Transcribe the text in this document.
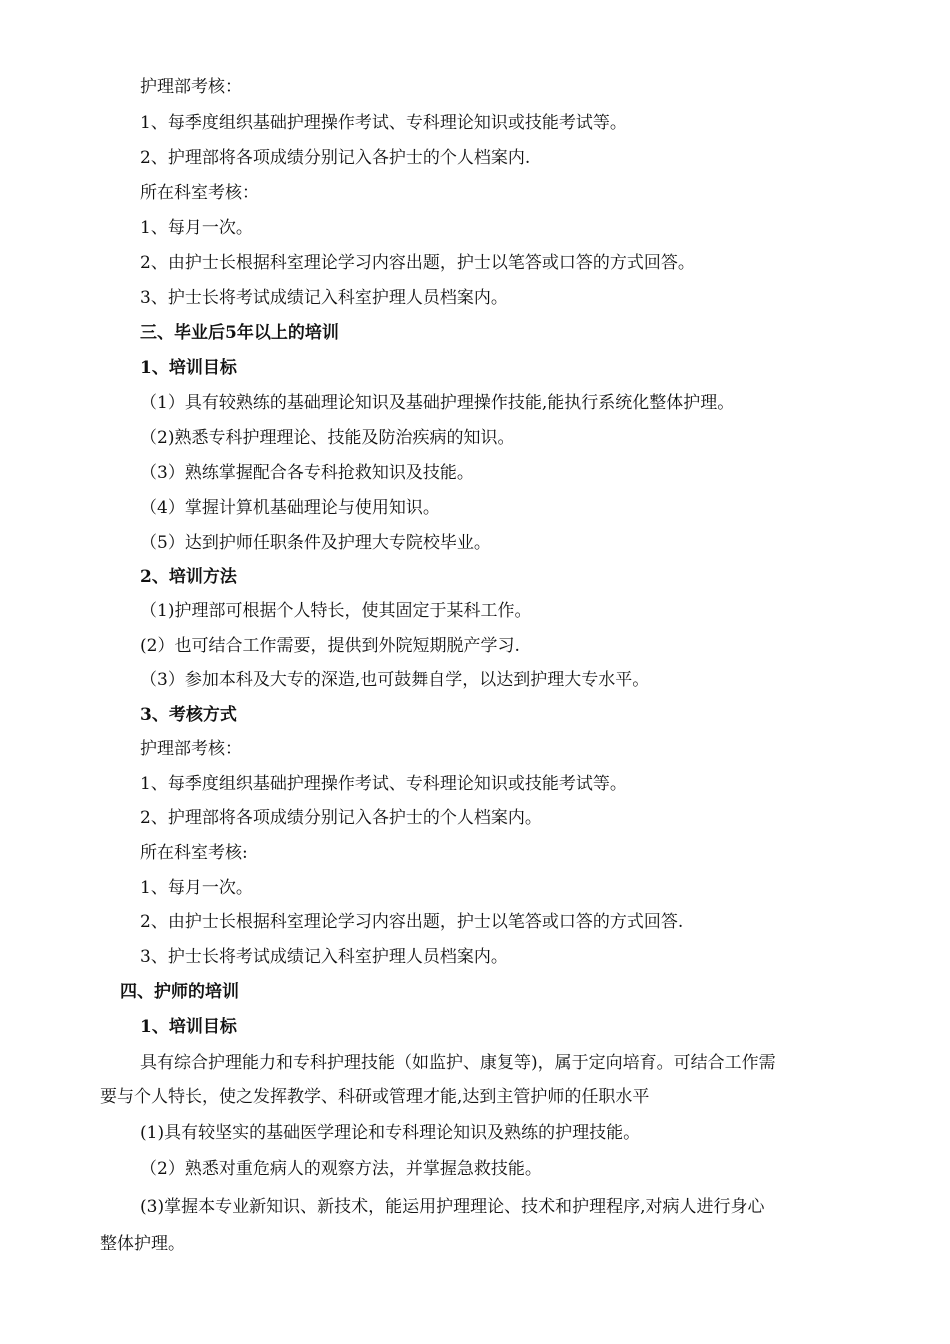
护理部考核：
1、每季度组织基础护理操作考试、专科理论知识或技能考试等。
2、护理部将各项成绩分别记入各护士的个人档案内.
所在科室考核：
1、每月一次。
2、由护士长根据科室理论学习内容出题，护士以笔答或口答的方式回答。
3、护士长将考试成绩记入科室护理人员档案内。
三、毕业后5年以上的培训
1、培训目标
（1）具有较熟练的基础理论知识及基础护理操作技能,能执行系统化整体护理。
（2)熟悉专科护理理论、技能及防治疾病的知识。
（3）熟练掌握配合各专科抢救知识及技能。
（4）掌握计算机基础理论与使用知识。
（5）达到护师任职条件及护理大专院校毕业。
2、培训方法
（1)护理部可根据个人特长，使其固定于某科工作。
(2）也可结合工作需要，提供到外院短期脱产学习.
（3）参加本科及大专的深造,也可鼓舞自学，以达到护理大专水平。
3、考核方式
护理部考核：
1、每季度组织基础护理操作考试、专科理论知识或技能考试等。
2、护理部将各项成绩分别记入各护士的个人档案内。
所在科室考核:
1、每月一次。
2、由护士长根据科室理论学习内容出题，护士以笔答或口答的方式回答.
3、护士长将考试成绩记入科室护理人员档案内。
四、护师的培训
1、培训目标
具有综合护理能力和专科护理技能（如监护、康复等)，属于定向培育。可结合工作需
要与个人特长，使之发挥教学、科研或管理才能,达到主管护师的任职水平
(1)具有较坚实的基础医学理论和专科理论知识及熟练的护理技能。
（2）熟悉对重危病人的观察方法，并掌握急救技能。
(3)掌握本专业新知识、新技术，能运用护理理论、技术和护理程序,对病人进行身心
整体护理。
